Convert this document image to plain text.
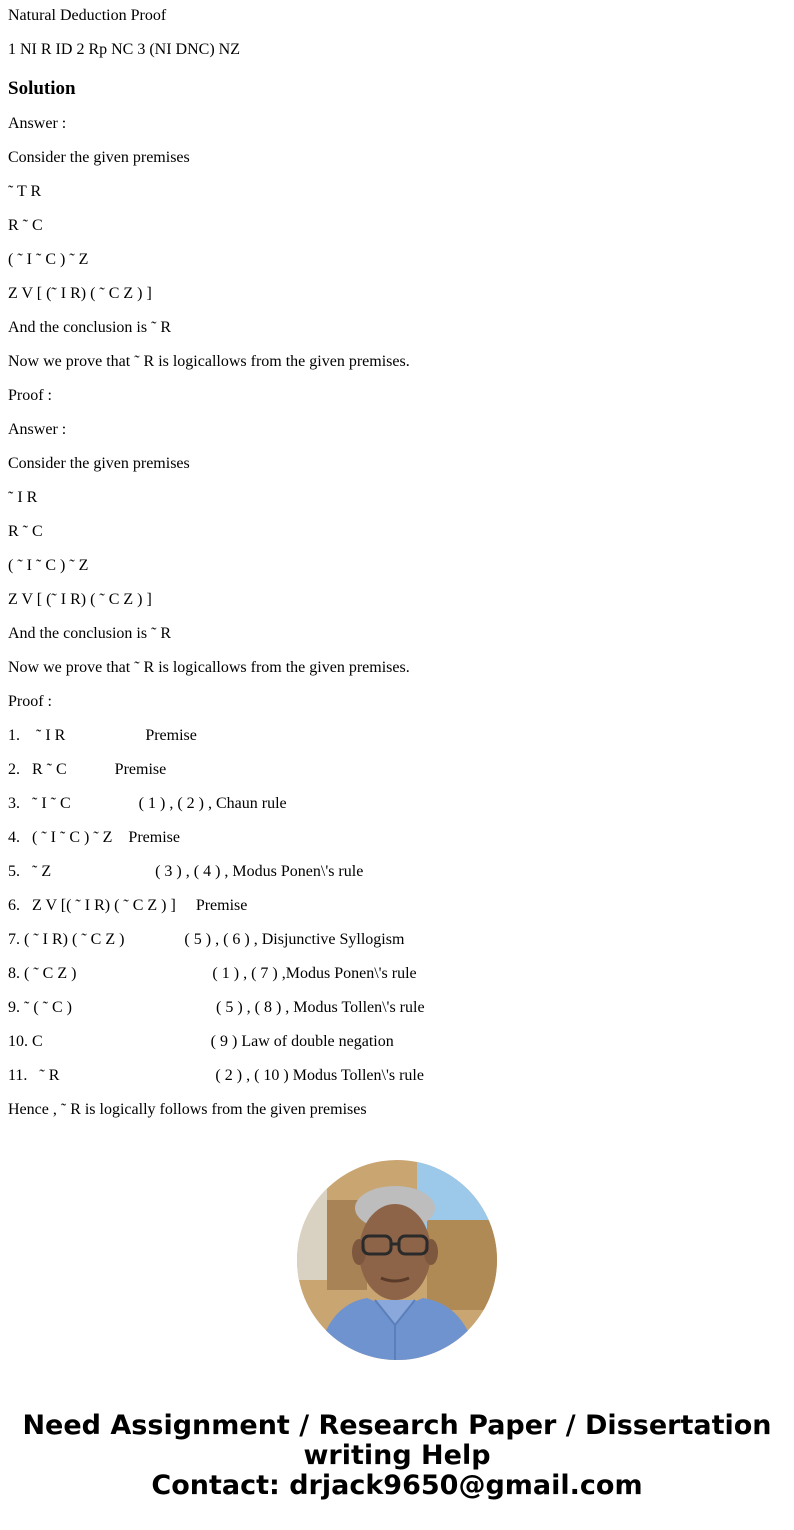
Natural Deduction Proof

1 NI R ID 2 Rp NC 3 (NI DNC) NZ

Solution

Answer :

Consider the given premises

˜ T R

R ˜ C

( ˜ I ˜ C ) ˜ Z

Z V [ (˜ I R) ( ˜ C Z ) ]

And the conclusion is ˜ R

Now we prove that ˜ R is logicallows from the given premises.

Proof :

Answer :

Consider the given premises

˜ I R

R ˜ C

( ˜ I ˜ C ) ˜ Z

Z V [ (˜ I R) ( ˜ C Z ) ]

And the conclusion is ˜ R

Now we prove that ˜ R is logicallows from the given premises.

Proof :

1.    ˜ I R                    Premise

2.   R ˜ C            Premise

3.   ˜ I ˜ C                 ( 1 ) , ( 2 ) , Chaun rule

4.   ( ˜ I ˜ C ) ˜ Z    Premise

5.   ˜ Z                          ( 3 ) , ( 4 ) , Modus Ponen\'s rule

6.   Z V [( ˜ I R) ( ˜ C Z ) ]     Premise

7. ( ˜ I R) ( ˜ C Z )               ( 5 ) , ( 6 ) , Disjunctive Syllogism

8. ( ˜ C Z )                                  ( 1 ) , ( 7 ) ,Modus Ponen\'s rule

9. ˜ ( ˜ C )                                    ( 5 ) , ( 8 ) , Modus Tollen\'s rule

10. C                                          ( 9 ) Law of double negation

11.   ˜ R                                       ( 2 ) , ( 10 ) Modus Tollen\'s rule

Hence , ˜ R is logically follows from the given premises

Need Assignment / Research Paper / Dissertation
writing Help
Contact: drjack9650@gmail.com
